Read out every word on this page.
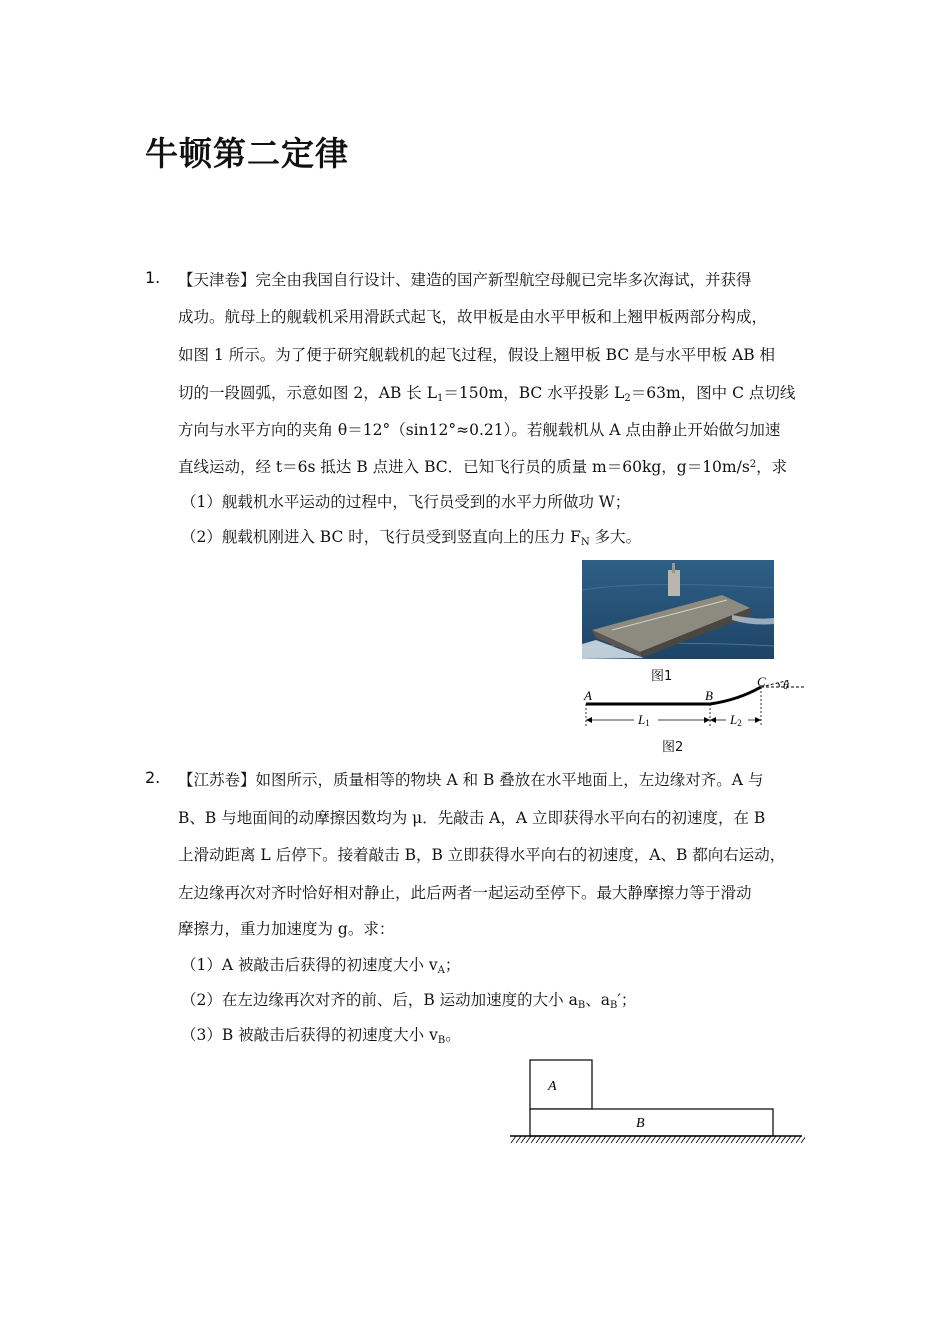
牛顿第二定律
1. 【天津卷】完全由我国自行设计、建造的国产新型航空母舰已完毕多次海试，并获得
成功。航母上的舰载机采用滑跃式起飞，故甲板是由水平甲板和上翘甲板两部分构成，
如图 1 所示。为了便于研究舰载机的起飞过程，假设上翘甲板 BC 是与水平甲板 AB 相
切的一段圆弧，示意如图 2，AB 长 $L_1=150m$，BC 水平投影 $L_2=63m$，图中 C 点切线
方向与水平方向的夹角 θ＝12°（sin12°≈0.21）。若舰载机从 A 点由静止开始做匀加速
直线运动，经 t＝6s 抵达 B 点进入 BC．已知飞行员的质量 m＝60kg，$g=10m/s^2$，求
（1）舰载机水平运动的过程中，飞行员受到的水平力所做功 W；
（2）舰载机刚进入 BC 时，飞行员受到竖直向上的压力 $F_N$ 多大。
图1
A	B
C θ
L1	L2
图2
2. 【江苏卷】如图所示，质量相等的物块 A 和 B 叠放在水平地面上，左边缘对齐。A 与
B、B 与地面间的动摩擦因数均为 μ．先敲击 A，A 立即获得水平向右的初速度，在 B
上滑动距离 L 后停下。接着敲击 B，B 立即获得水平向右的初速度，A、B 都向右运动，
左边缘再次对齐时恰好相对静止，此后两者一起运动至停下。最大静摩擦力等于滑动
摩擦力，重力加速度为 g。求：
（1）A 被敲击后获得的初速度大小 $v_A$；
（2）在左边缘再次对齐的前、后，B 运动加速度的大小 $a_B$、$a_B'$；
（3）B 被敲击后获得的初速度大小 $v_B$。
A
B
